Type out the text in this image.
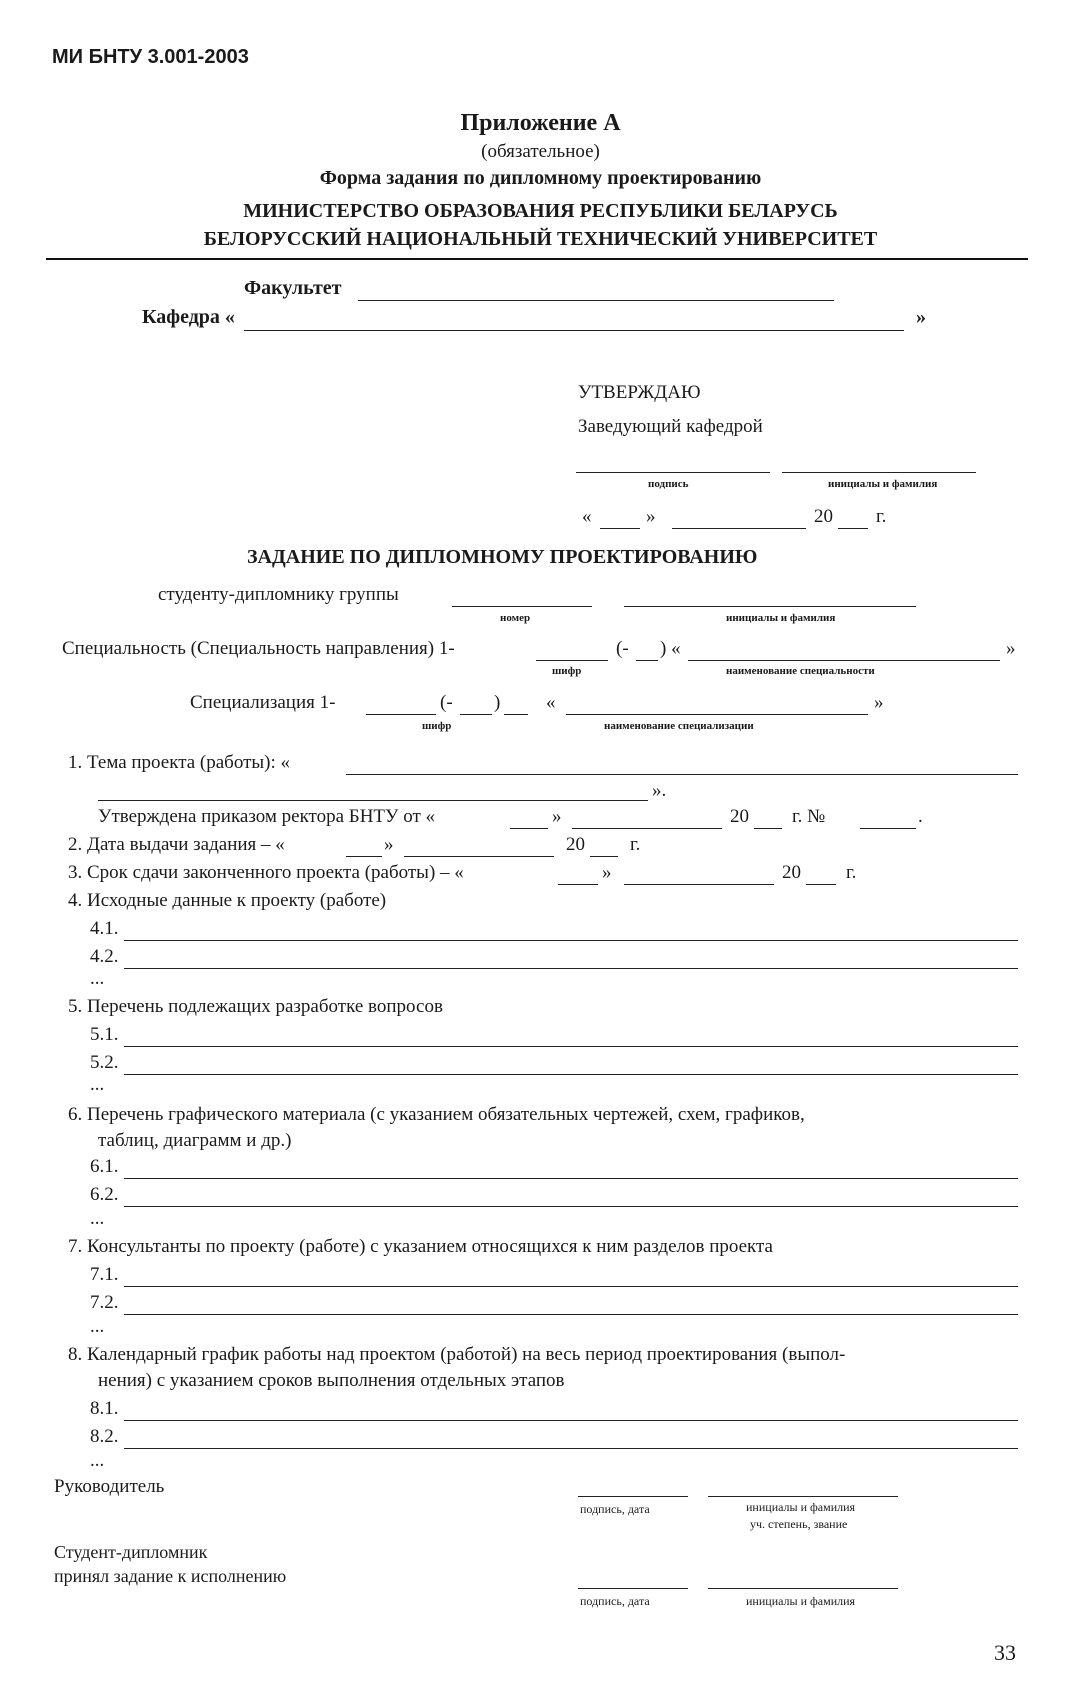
МИ БНТУ 3.001-2003
Приложение А
(обязательное)
Форма задания по дипломному проектированию
МИНИСТЕРСТВО ОБРАЗОВАНИЯ РЕСПУБЛИКИ БЕЛАРУСЬ
БЕЛОРУССКИЙ НАЦИОНАЛЬНЫЙ ТЕХНИЧЕСКИЙ УНИВЕРСИТЕТ
Факультет
Кафедра «	»
УТВЕРЖДАЮ
Заведующий кафедрой
подпись	инициалы и фамилия
«	»	20 г.
ЗАДАНИЕ ПО ДИПЛОМНОМУ ПРОЕКТИРОВАНИЮ
студенту-дипломнику группы
номер	инициалы и фамилия
Специальность (Специальность направления) 1-	(- ) «	»
шифр	наименование специальности
Специализация 1-	(- ) «	»
шифр	наименование специализации
1. Тема проекта (работы): «
».
Утверждена приказом ректора БНТУ от «	»	20 г. №	.
2. Дата выдачи задания – «	»	20 г.
3. Срок сдачи законченного проекта (работы) – «	»	20 г.
4. Исходные данные к проекту (работе)
4.1.
4.2.
...
5. Перечень подлежащих разработке вопросов
5.1.
5.2.
...
6. Перечень графического материала (с указанием обязательных чертежей, схем, графиков,
таблиц, диаграмм и др.)
6.1.
6.2.
...
7. Консультанты по проекту (работе) с указанием относящихся к ним разделов проекта
7.1.
7.2.
...
8. Календарный график работы над проектом (работой) на весь период проектирования (выпол-
нения) с указанием сроков выполнения отдельных этапов
8.1.
8.2.
...
Руководитель
подпись, дата	инициалы и фамилия
уч. степень, звание
Студент-дипломник
принял задание к исполнению
подпись, дата	инициалы и фамилия
33
